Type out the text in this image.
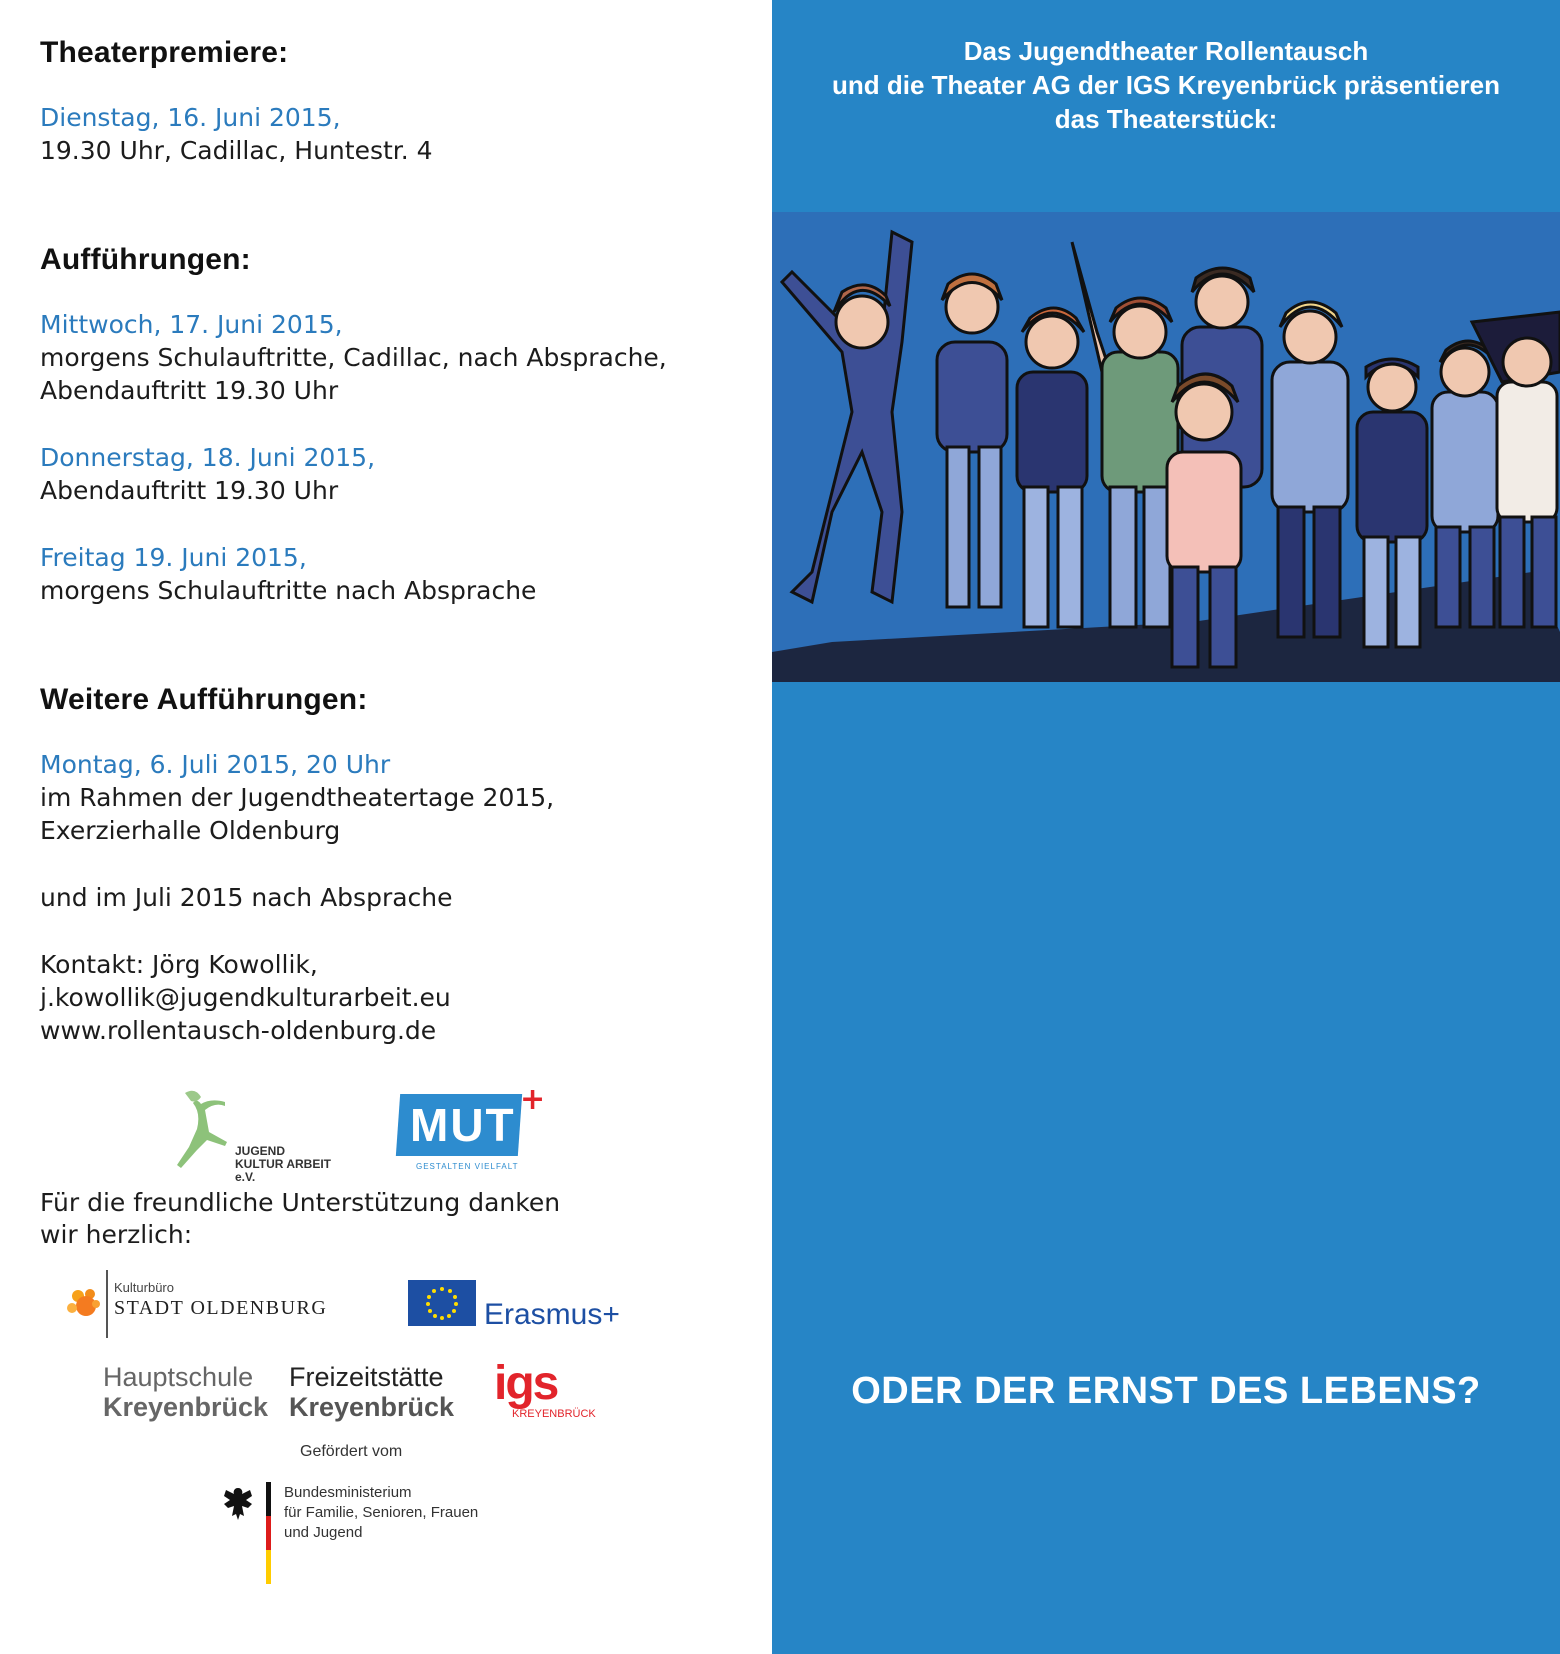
Theaterpremiere:
Dienstag, 16. Juni 2015,
19.30 Uhr, Cadillac, Huntestr. 4
Aufführungen:
Mittwoch, 17. Juni 2015,
morgens Schulauftritte, Cadillac, nach Absprache,
Abendauftritt 19.30 Uhr
Donnerstag, 18. Juni 2015,
Abendauftritt 19.30 Uhr
Freitag 19. Juni 2015,
morgens Schulauftritte nach Absprache
Weitere Aufführungen:
Montag, 6. Juli 2015, 20 Uhr
im Rahmen der Jugendtheatertage 2015,
Exerzierhalle Oldenburg
und im Juli 2015 nach Absprache
Kontakt: Jörg Kowollik,
j.kowollik@jugendkulturarbeit.eu
www.rollentausch-oldenburg.de
JUGEND KULTUR ARBEIT e.V.
MUT +
GESTALTEN VIELFALT
Für die freundliche Unterstützung danken
wir herzlich:
Kulturbüro
STADT OLDENBURG	Erasmus+
Hauptschule
Kreyenbrück
Freizeitstätte
Kreyenbrück igs
KREYENBRÜCK
Gefördert vom
Bundesministerium
für Familie, Senioren, Frauen
und Jugend
Das Jugendtheater Rollentausch
und die Theater AG der IGS Kreyenbrück präsentieren
das Theaterstück:
ODER DER ERNST DES LEBENS?
